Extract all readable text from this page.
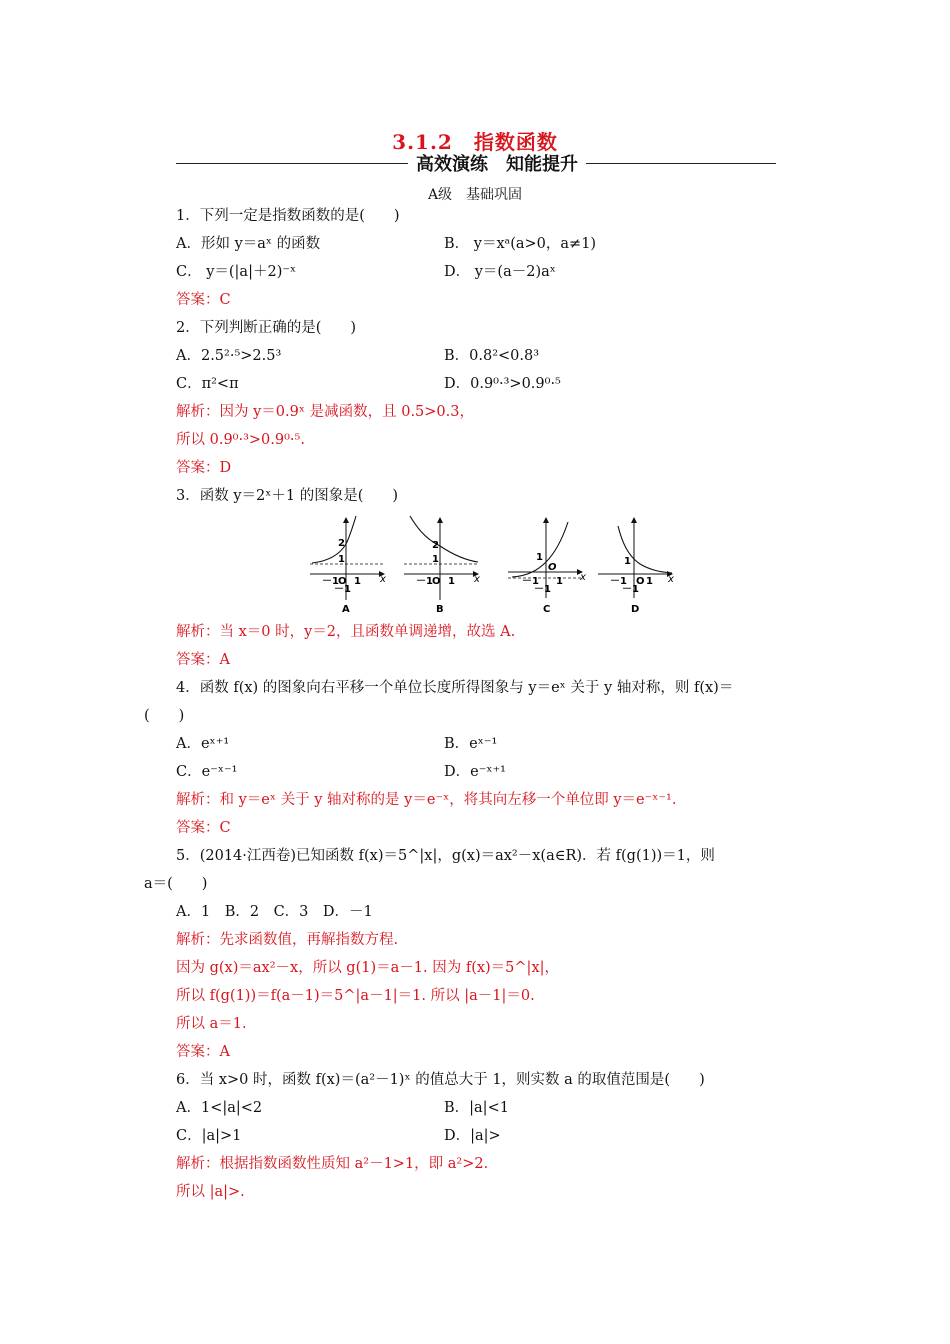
3.1.2　指数函数
高效演练　知能提升
A级　基础巩固
1．下列一定是指数函数的是(　　)
A．形如 y＝aˣ 的函数	B． y＝xᵃ(a>0，a≠1)
C． y＝(|a|＋2)⁻ˣ	D． y＝(a－2)aˣ
答案：C
2．下列判断正确的是(　　)
A．2.5²·⁵>2.5³	B．0.8²<0.8³
C．π²<π	D．0.9⁰·³>0.9⁰·⁵
解析：因为 y＝0.9ˣ 是减函数，且 0.5>0.3，
所以 0.9⁰·³>0.9⁰·⁵.
答案：D
3．函数 y＝2ˣ＋1 的图象是(　　)
2
1
－1 O 1 x
－1
A
2
1
－1 O 1 x
B
1
O
－1 1 x
－1
C
1
－1 O 1 x
－1
D
解析：当 x＝0 时，y＝2，且函数单调递增，故选 A.
答案：A
4．函数 f(x) 的图象向右平移一个单位长度所得图象与 y＝eˣ 关于 y 轴对称，则 f(x)＝
(　　)
A．eˣ⁺¹	B．eˣ⁻¹
C．e⁻ˣ⁻¹	D．e⁻ˣ⁺¹
解析：和 y＝eˣ 关于 y 轴对称的是 y＝e⁻ˣ，将其向左移一个单位即 y＝e⁻ˣ⁻¹.
答案：C
5．(2014·江西卷)已知函数 f(x)＝5^|x|，g(x)＝ax²－x(a∈R)．若 f(g(1))＝1，则
a＝(　　)
A．1　B．2　C．3　D．－1
解析：先求函数值，再解指数方程.
因为 g(x)＝ax²－x，所以 g(1)＝a－1. 因为 f(x)＝5^|x|，
所以 f(g(1))＝f(a－1)＝5^|a－1|＝1. 所以 |a－1|＝0.
所以 a＝1.
答案：A
6．当 x>0 时，函数 f(x)＝(a²－1)ˣ 的值总大于 1，则实数 a 的取值范围是(　　)
A．1<|a|<2	B．|a|<1
C．|a|>1	D．|a|>
解析：根据指数函数性质知 a²－1>1，即 a²>2.
所以 |a|>.
